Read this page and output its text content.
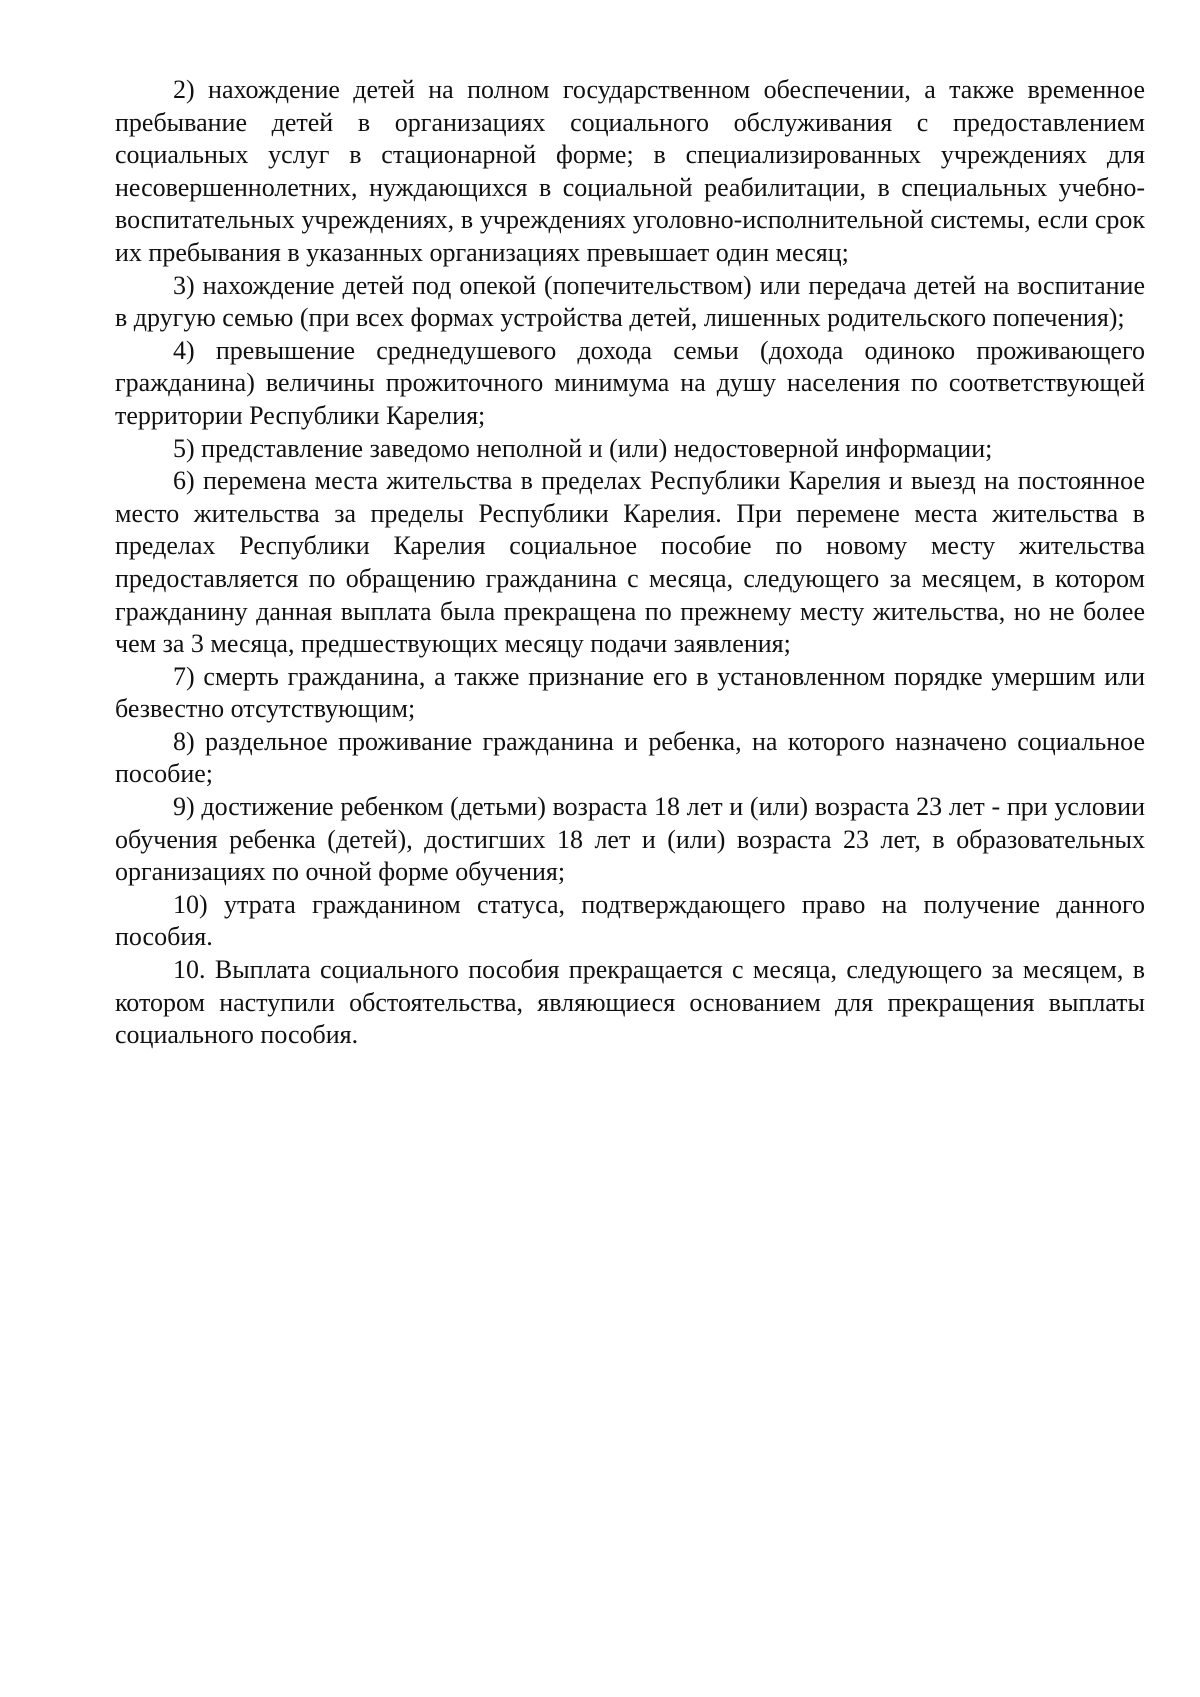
2) нахождение детей на полном государственном обеспечении, а также временное пребывание детей в организациях социального обслуживания с предоставлением социальных услуг в стационарной форме; в специализированных учреждениях для несовершеннолетних, нуждающихся в социальной реабилитации, в специальных учебно-воспитательных учреждениях, в учреждениях уголовно-исполнительной системы, если срок их пребывания в указанных организациях превышает один месяц;

3) нахождение детей под опекой (попечительством) или передача детей на воспитание в другую семью (при всех формах устройства детей, лишенных родительского попечения);

4) превышение среднедушевого дохода семьи (дохода одиноко проживающего гражданина) величины прожиточного минимума на душу населения по соответствующей территории Республики Карелия;

5) представление заведомо неполной и (или) недостоверной информации;

6) перемена места жительства в пределах Республики Карелия и выезд на постоянное место жительства за пределы Республики Карелия. При перемене места жительства в пределах Республики Карелия социальное пособие по новому месту жительства предоставляется по обращению гражданина с месяца, следующего за месяцем, в котором гражданину данная выплата была прекращена по прежнему месту жительства, но не более чем за 3 месяца, предшествующих месяцу подачи заявления;

7) смерть гражданина, а также признание его в установленном порядке умершим или безвестно отсутствующим;

8) раздельное проживание гражданина и ребенка, на которого назначено социальное пособие;

9) достижение ребенком (детьми) возраста 18 лет и (или) возраста 23 лет - при условии обучения ребенка (детей), достигших 18 лет и (или) возраста 23 лет, в образовательных организациях по очной форме обучения;

10) утрата гражданином статуса, подтверждающего право на получение данного пособия.

10. Выплата социального пособия прекращается с месяца, следующего за месяцем, в котором наступили обстоятельства, являющиеся основанием для прекращения выплаты социального пособия.
